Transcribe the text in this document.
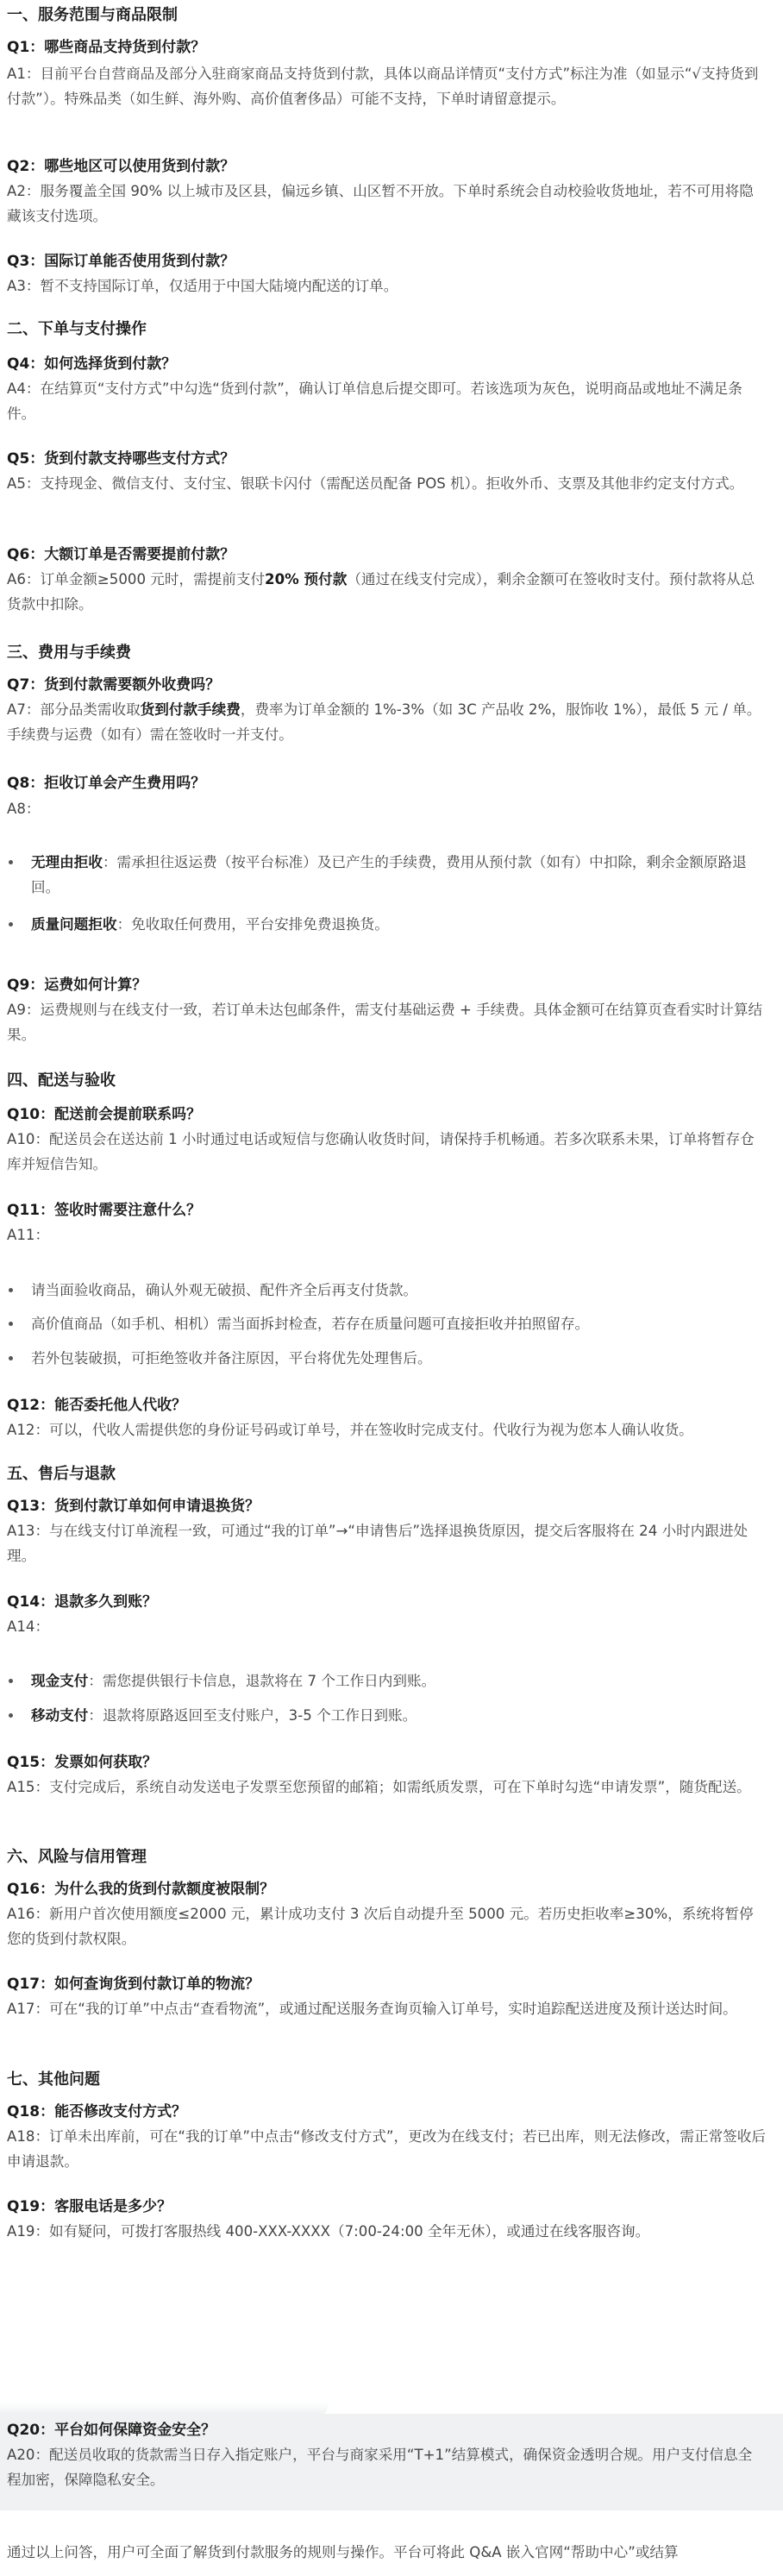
一、服务范围与商品限制
Q1：哪些商品支持货到付款？
A1：目前平台自营商品及部分入驻商家商品支持货到付款，具体以商品详情页“支付方式”标注为准（如显示“√支持货到付款”）。特殊品类（如生鲜、海外购、高价值奢侈品）可能不支持，下单时请留意提示。
Q2：哪些地区可以使用货到付款？
A2：服务覆盖全国 90% 以上城市及区县，偏远乡镇、山区暂不开放。下单时系统会自动校验收货地址，若不可用将隐藏该支付选项。
Q3：国际订单能否使用货到付款？
A3：暂不支持国际订单，仅适用于中国大陆境内配送的订单。
二、下单与支付操作
Q4：如何选择货到付款？
A4：在结算页“支付方式”中勾选“货到付款”，确认订单信息后提交即可。若该选项为灰色，说明商品或地址不满足条件。
Q5：货到付款支持哪些支付方式？
A5：支持现金、微信支付、支付宝、银联卡闪付（需配送员配备 POS 机）。拒收外币、支票及其他非约定支付方式。
Q6：大额订单是否需要提前付款？
A6：订单金额≥5000 元时，需提前支付20% 预付款（通过在线支付完成），剩余金额可在签收时支付。预付款将从总货款中扣除。
三、费用与手续费
Q7：货到付款需要额外收费吗？
A7：部分品类需收取货到付款手续费，费率为订单金额的 1%-3%（如 3C 产品收 2%，服饰收 1%），最低 5 元 / 单。手续费与运费（如有）需在签收时一并支付。
Q8：拒收订单会产生费用吗？
A8：
无理由拒收：需承担往返运费（按平台标准）及已产生的手续费，费用从预付款（如有）中扣除，剩余金额原路退回。
质量问题拒收：免收取任何费用，平台安排免费退换货。
Q9：运费如何计算？
A9：运费规则与在线支付一致，若订单未达包邮条件，需支付基础运费 + 手续费。具体金额可在结算页查看实时计算结果。
四、配送与验收
Q10：配送前会提前联系吗？
A10：配送员会在送达前 1 小时通过电话或短信与您确认收货时间，请保持手机畅通。若多次联系未果，订单将暂存仓库并短信告知。
Q11：签收时需要注意什么？
A11：
请当面验收商品，确认外观无破损、配件齐全后再支付货款。
高价值商品（如手机、相机）需当面拆封检查，若存在质量问题可直接拒收并拍照留存。
若外包装破损，可拒绝签收并备注原因，平台将优先处理售后。
Q12：能否委托他人代收？
A12：可以，代收人需提供您的身份证号码或订单号，并在签收时完成支付。代收行为视为您本人确认收货。
五、售后与退款
Q13：货到付款订单如何申请退换货？
A13：与在线支付订单流程一致，可通过“我的订单”→“申请售后”选择退换货原因，提交后客服将在 24 小时内跟进处理。
Q14：退款多久到账？
A14：
现金支付：需您提供银行卡信息，退款将在 7 个工作日内到账。
移动支付：退款将原路返回至支付账户，3-5 个工作日到账。
Q15：发票如何获取？
A15：支付完成后，系统自动发送电子发票至您预留的邮箱；如需纸质发票，可在下单时勾选“申请发票”，随货配送。
六、风险与信用管理
Q16：为什么我的货到付款额度被限制？
A16：新用户首次使用额度≤2000 元，累计成功支付 3 次后自动提升至 5000 元。若历史拒收率≥30%，系统将暂停您的货到付款权限。
Q17：如何查询货到付款订单的物流？
A17：可在“我的订单”中点击“查看物流”，或通过配送服务查询页输入订单号，实时追踪配送进度及预计送达时间。
七、其他问题
Q18：能否修改支付方式？
A18：订单未出库前，可在“我的订单”中点击“修改支付方式”，更改为在线支付；若已出库，则无法修改，需正常签收后申请退款。
Q19：客服电话是多少？
A19：如有疑问，可拨打客服热线 400-XXX-XXXX（7:00-24:00 全年无休），或通过在线客服咨询。
Q20：平台如何保障资金安全？
A20：配送员收取的货款需当日存入指定账户，平台与商家采用“T+1”结算模式，确保资金透明合规。用户支付信息全程加密，保障隐私安全。
通过以上问答，用户可全面了解货到付款服务的规则与操作。平台可将此 Q&A 嵌入官网“帮助中心”或结算
